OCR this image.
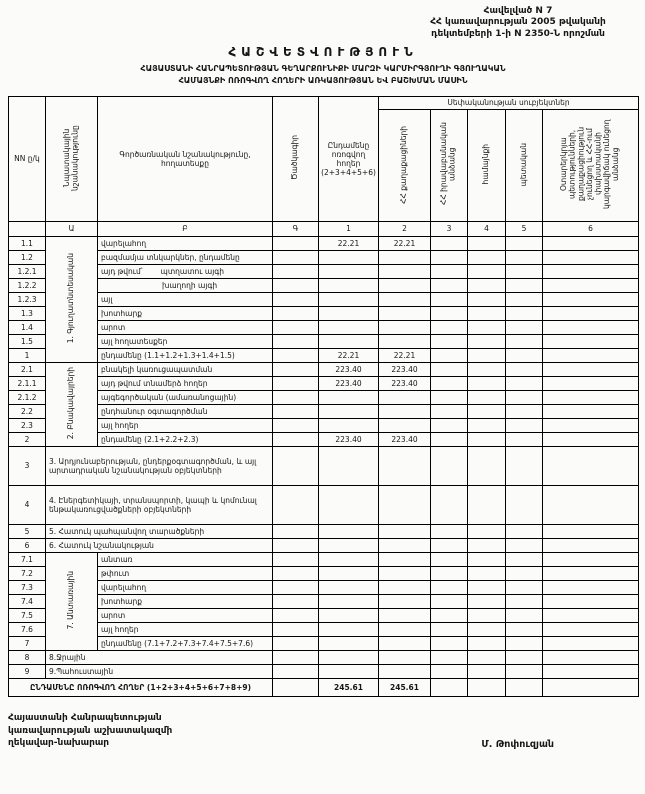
Հավելված N 7
ՀՀ կառավարության 2005 թվականի
դեկտեմբերի 1-ի N 2350-Ն որոշման
ՀԱՇՎԵՏՎՈՒԹՅՈՒՆ
ՀԱՅԱՍՏԱՆԻ ՀԱՆՐԱՊԵՏՈՒԹՅԱՆ ԳԵՂԱՐՔՈՒՆԻՔԻ ՄԱՐԶԻ ԿԱՐՄԻՐԳՅՈՒՂԻ ԳՅՈՒՂԱԿԱՆ
ՀԱՄԱՅՆՔԻ ՈՌՈԳՎՈՂ ՀՈՂԵՐԻ ԱՌԿԱՅՈՒԹՅԱՆ ԵՎ ԲԱՇԽՄԱՆ ՄԱՍԻՆ
NN ը/կ	Նպատակային նշանակությունը	Գործառնական նշանակությունը, հողատեսքը	Ծածկագիր	Ընդամենը ոռոգվող հողեր (2+3+4+5+6)	Սեփականության սուբյեկտներ				
					ՀՀ քաղաքացիների	ՀՀ իրավաբանական անձանց	համայնքի	պետական	Օտարերկրյա պետությունների, քաղաքացիություն չունեցող և ՀՀ-ում փախստականի կարգավիճակ ունեցող անձանց
	Ա	Բ	Գ	1	2	3	4	5	6
1.1	1. Գյուղատնտեսական	վարելահող		22.21	22.21				
1.2		բազմամյա տնկարկներ, ընդամենը							
1.2.1		այդ թվում՝ պտղատու այգի							
1.2.2		խաղողի այգի							
1.2.3		այլ							
1.3		խոտհարք							
1.4		արոտ							
1.5		այլ հողատեսքեր							
1		ընդամենը (1.1+1.2+1.3+1.4+1.5)		22.21	22.21				
2.1	2. Բնակավայրերի	բնակելի կառուցապատման		223.40	223.40				
2.1.1		այդ թվում տնամերձ հողեր		223.40	223.40				
2.1.2		այգեգործական (ամառանոցային)							
2.2		ընդհանուր օգտագործման							
2.3		այլ հողեր							
2		ընդամենը (2.1+2.2+2.3)		223.40	223.40				
3	3. Արդյունաբերության, ընդերքօգտագործման, և այլ արտադրական նշանակության օբյեկտների								
4	4. Էներգետիկայի, տրանսպորտի, կապի և կոմունալ ենթակառուցվածքների օբյեկտների								
5	5. Հատուկ պահպանվող տարածքների								
6	6. Հատուկ նշանակության								
7.1	7. Անտառային	անտառ							
7.2		թփուտ							
7.3		վարելահող							
7.4		խոտհարք							
7.5		արոտ							
7.6		այլ հողեր							
7		ընդամենը (7.1+7.2+7.3+7.4+7.5+7.6)							
8	8.Ջրային								
9	9.Պահուստային								
ԸՆԴԱՄԵՆԸ ՈՌՈԳՎՈՂ ՀՈՂԵՐ (1+2+3+4+5+6+7+8+9)				245.61	245.61				
Հայաստանի Հանրապետության
կառավարության աշխատակազմի
ղեկավար-նախարար	Մ. Թոփուզյան
